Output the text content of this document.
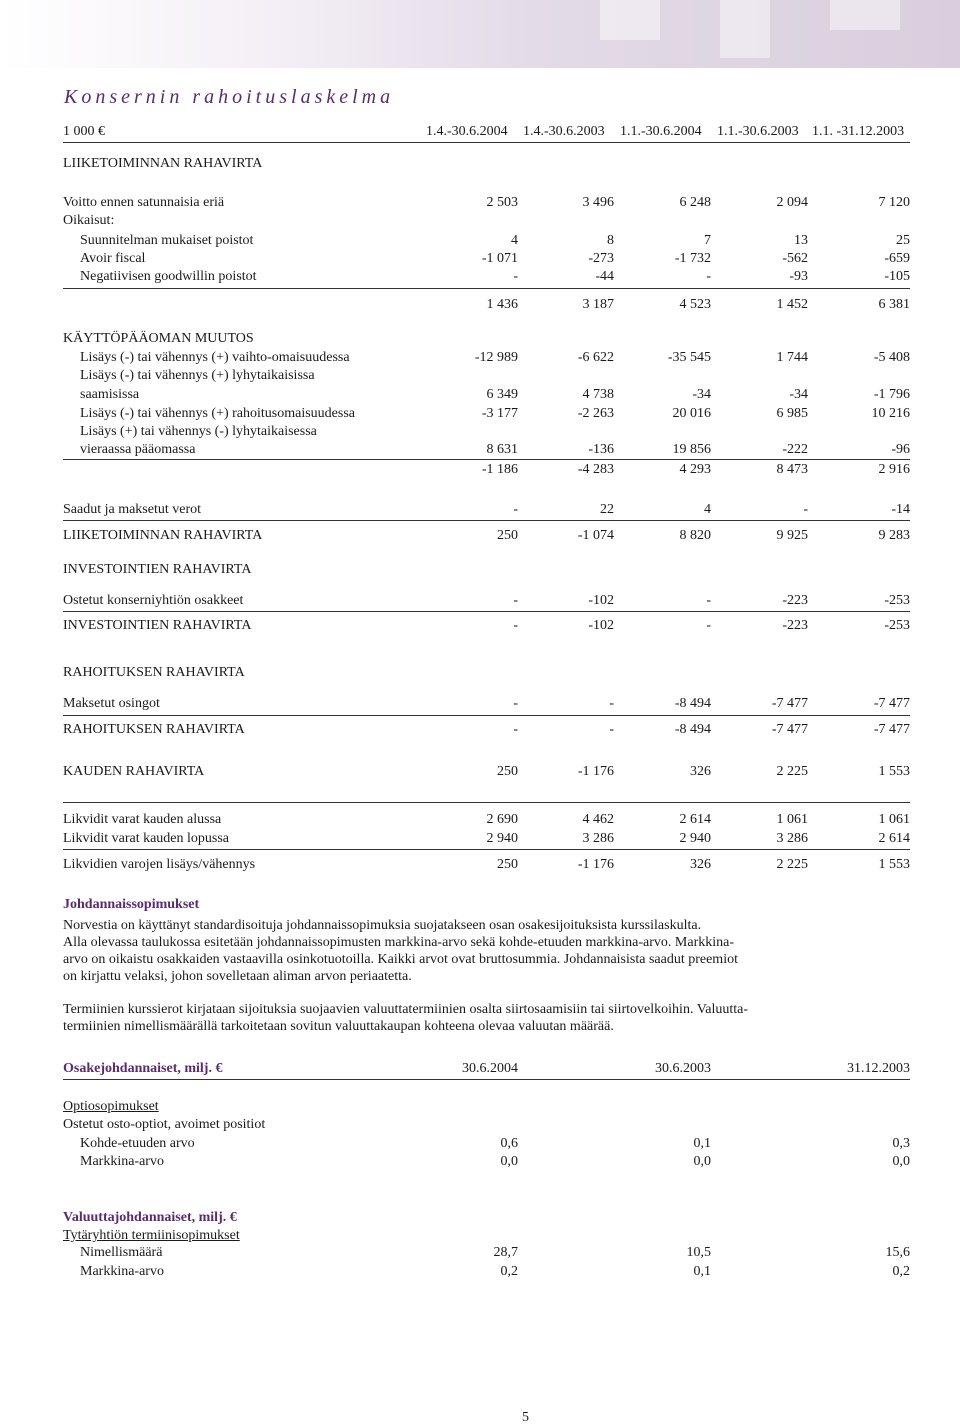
Konsernin rahoituslaskelma
1 000 €	1.4.-30.6.2004 1.4.-30.6.2003 1.1.-30.6.2004 1.1.-30.6.2003 1.1. -31.12.2003
LIIKETOIMINNAN RAHAVIRTA
Voitto ennen satunnaisia eriä	2 503	3 496	6 248	2 094	7 120
Oikaisut:
Suunnitelman mukaiset poistot	4	8	7	13	25
Avoir fiscal	-1 071	-273	-1 732	-562	-659
Negatiivisen goodwillin poistot	-	-44	-	-93	-105
1 436	3 187	4 523	1 452	6 381
KÄYTTÖPÄÄOMAN MUUTOS
Lisäys (-) tai vähennys (+) vaihto-omaisuudessa	-12 989	-6 622	-35 545	1 744	-5 408
Lisäys (-) tai vähennys (+) lyhytaikaisissa
saamisissa	6 349	4 738	-34	-34	-1 796
Lisäys (-) tai vähennys (+) rahoitusomaisuudessa	-3 177	-2 263	20 016	6 985	10 216
Lisäys (+) tai vähennys (-) lyhytaikaisessa
vieraassa pääomassa	8 631	-136	19 856	-222	-96
-1 186	-4 283	4 293	8 473	2 916
Saadut ja maksetut verot	-	22	4	-	-14
LIIKETOIMINNAN RAHAVIRTA	250	-1 074	8 820	9 925	9 283
INVESTOINTIEN RAHAVIRTA
Ostetut konserniyhtiön osakkeet	-	-102	-	-223	-253
INVESTOINTIEN RAHAVIRTA	-	-102	-	-223	-253
RAHOITUKSEN RAHAVIRTA
Maksetut osingot	-	-	-8 494	-7 477	-7 477
RAHOITUKSEN RAHAVIRTA	-	-	-8 494	-7 477	-7 477
KAUDEN RAHAVIRTA	250	-1 176	326	2 225	1 553
Likvidit varat kauden alussa	2 690	4 462	2 614	1 061	1 061
Likvidit varat kauden lopussa	2 940	3 286	2 940	3 286	2 614
Likvidien varojen lisäys/vähennys	250	-1 176	326	2 225	1 553
Johdannaissopimukset
Norvestia on käyttänyt standardisoituja johdannaissopimuksia suojatakseen osan osakesijoituksista kurssilaskulta.
Alla olevassa taulukossa esitetään johdannaissopimusten markkina-arvo sekä kohde-etuuden markkina-arvo. Markkina-
arvo on oikaistu osakkaiden vastaavilla osinkotuotoilla. Kaikki arvot ovat bruttosummia. Johdannaisista saadut preemiot
on kirjattu velaksi, johon sovelletaan aliman arvon periaatetta.
Termiinien kurssierot kirjataan sijoituksia suojaavien valuuttatermiinien osalta siirtosaamisiin tai siirtovelkoihin. Valuutta-
termiinien nimellismäärällä tarkoitetaan sovitun valuuttakaupan kohteena olevaa valuutan määrää.
Osakejohdannaiset, milj. €	30.6.2004	30.6.2003	31.12.2003
Optiosopimukset
Ostetut osto-optiot, avoimet positiot
Kohde-etuuden arvo	0,6	0,1	0,3
Markkina-arvo	0,0	0,0	0,0
Valuuttajohdannaiset, milj. €
Tytäryhtiön termiinisopimukset
Nimellismäärä	28,7	10,5	15,6
Markkina-arvo	0,2	0,1	0,2
5
